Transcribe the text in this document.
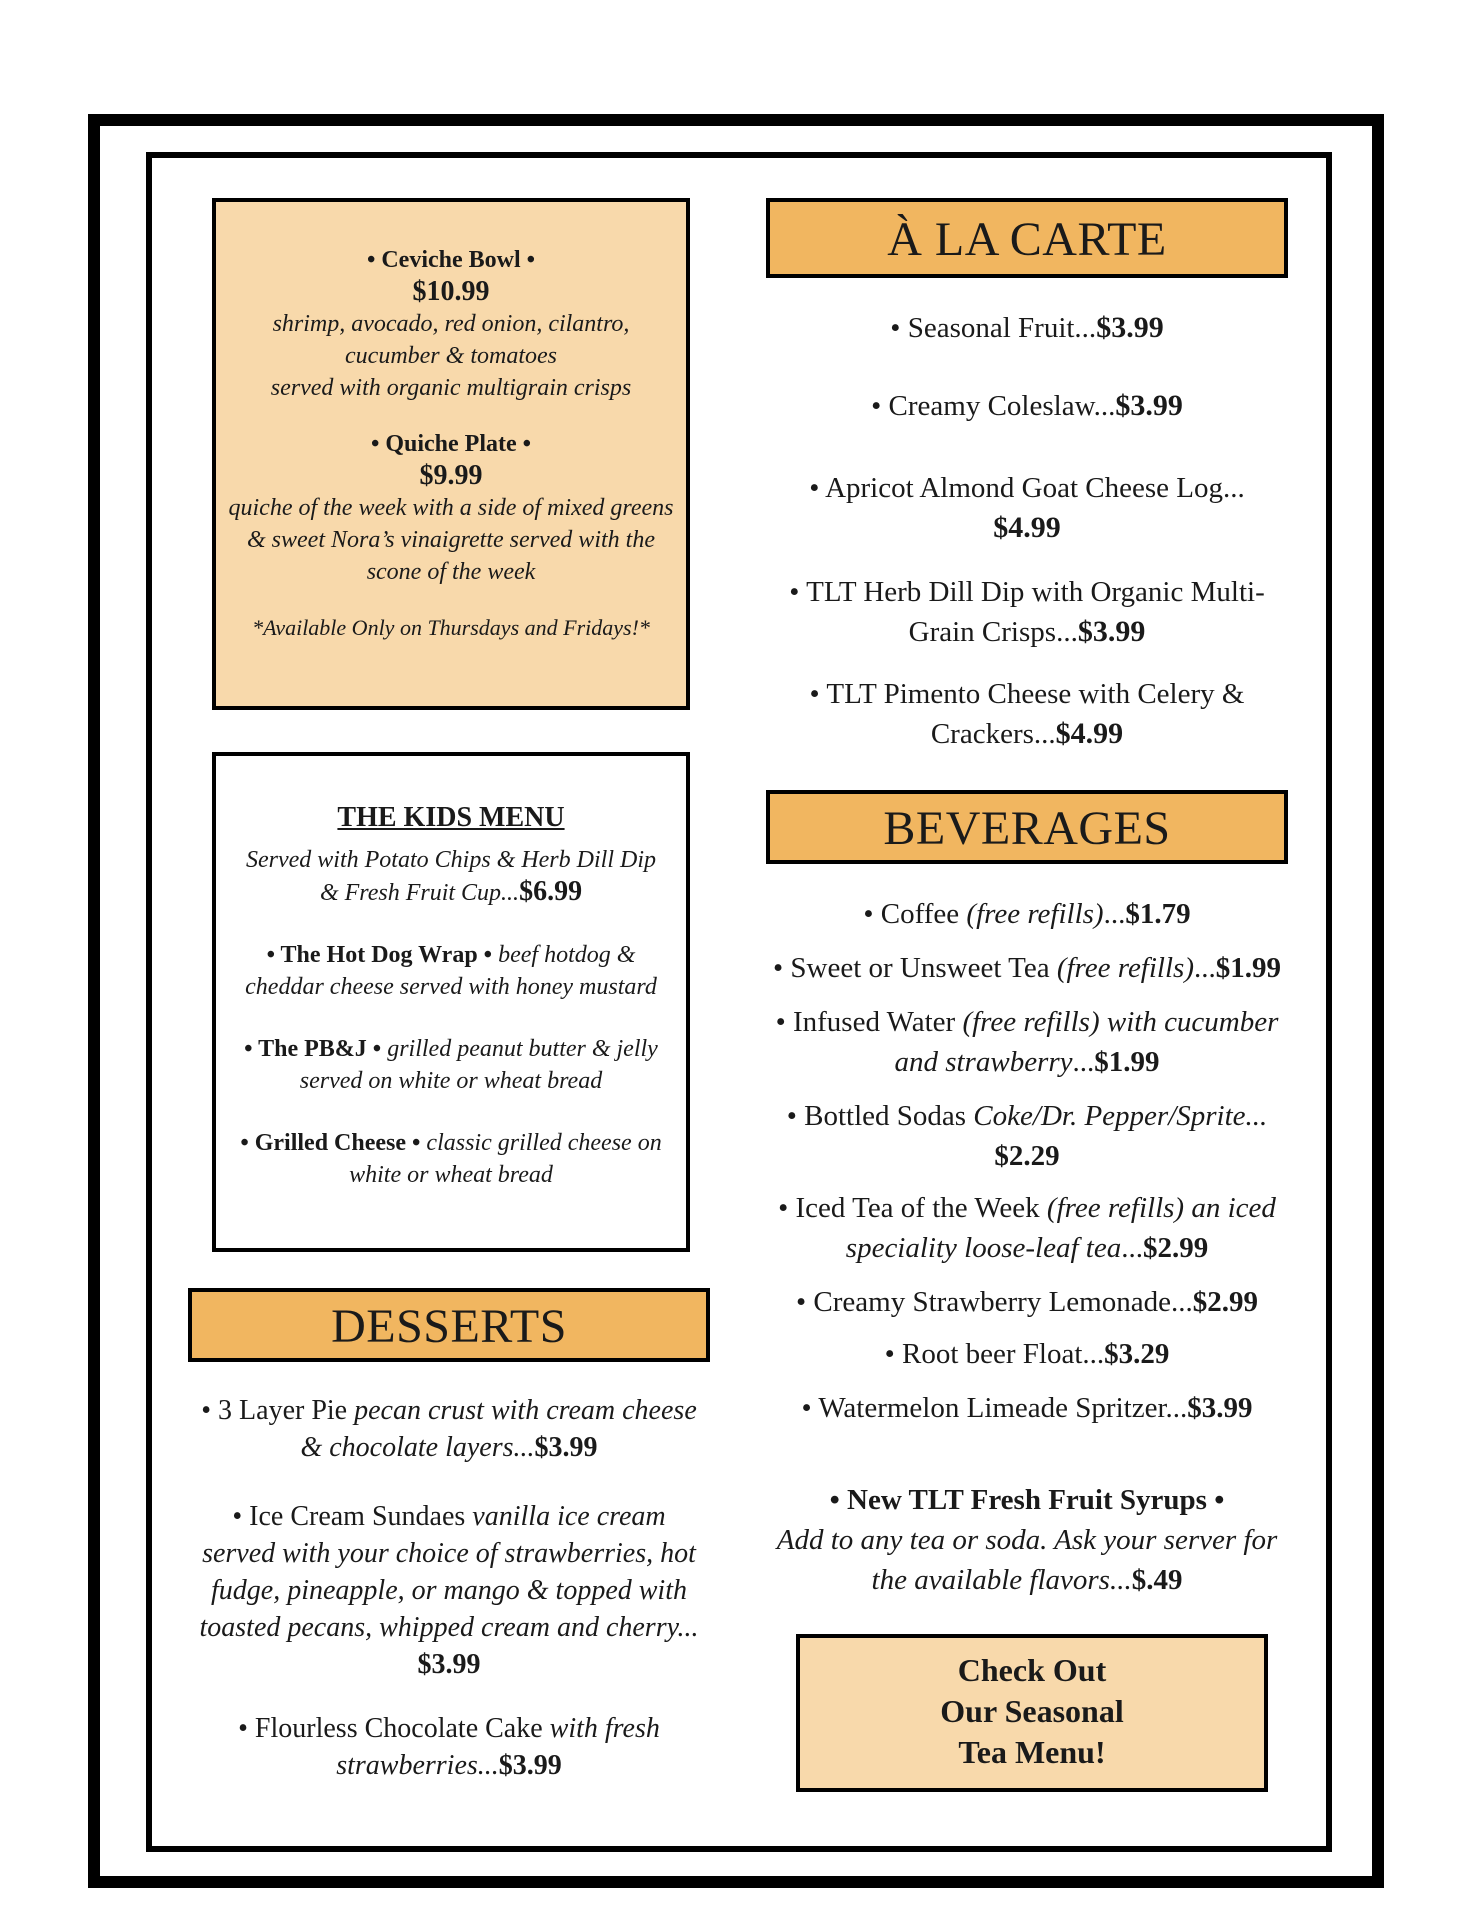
• Ceviche Bowl •
$10.99
shrimp, avocado, red onion, cilantro,
cucumber & tomatoes
served with organic multigrain crisps
• Quiche Plate •
$9.99
quiche of the week with a side of mixed greens
& sweet Nora’s vinaigrette served with the
scone of the week
*Available Only on Thursdays and Fridays!*
THE KIDS MENU
Served with Potato Chips & Herb Dill Dip
& Fresh Fruit Cup...$6.99
• The Hot Dog Wrap • beef hotdog &
cheddar cheese served with honey mustard
• The PB&J • grilled peanut butter & jelly
served on white or wheat bread
• Grilled Cheese • classic grilled cheese on
white or wheat bread
DESSERTS
• 3 Layer Pie pecan crust with cream cheese
& chocolate layers...$3.99
• Ice Cream Sundaes vanilla ice cream
served with your choice of strawberries, hot
fudge, pineapple, or mango & topped with
toasted pecans, whipped cream and cherry...
$3.99
• Flourless Chocolate Cake with fresh
strawberries...$3.99
À LA CARTE
• Seasonal Fruit...$3.99
• Creamy Coleslaw...$3.99
• Apricot Almond Goat Cheese Log...
$4.99
• TLT Herb Dill Dip with Organic Multi-
Grain Crisps...$3.99
• TLT Pimento Cheese with Celery &
Crackers...$4.99
BEVERAGES
• Coffee (free refills)...$1.79
• Sweet or Unsweet Tea (free refills)...$1.99
• Infused Water (free refills) with cucumber
and strawberry...$1.99
• Bottled Sodas Coke/Dr. Pepper/Sprite...
$2.29
• Iced Tea of the Week (free refills) an iced
speciality loose-leaf tea...$2.99
• Creamy Strawberry Lemonade...$2.99
• Root beer Float...$3.29
• Watermelon Limeade Spritzer...$3.99
• New TLT Fresh Fruit Syrups •
Add to any tea or soda. Ask your server for
the available flavors...$.49
Check Out
Our Seasonal
Tea Menu!
